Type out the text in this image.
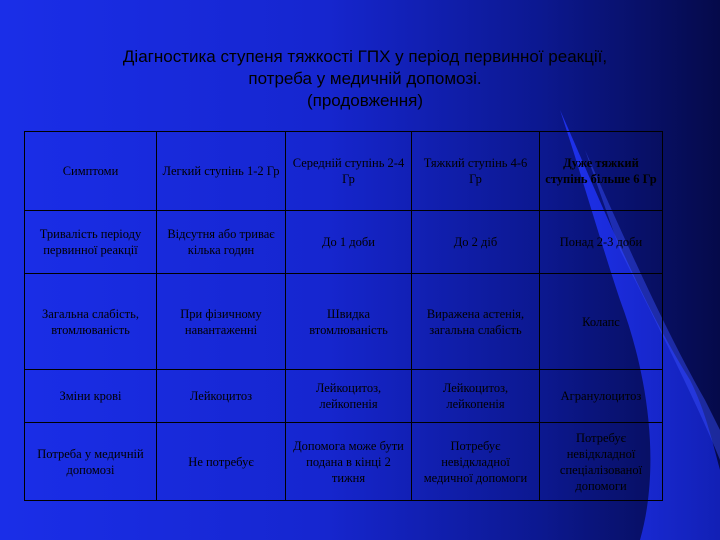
Діагностика ступеня тяжкості ГПХ у період первинної реакції,
потреба у медичній допомозі.
(продовження)
Симптоми	Легкий ступінь 1-2 Гр	Середній ступінь 2-4 Гр	Тяжкий ступінь 4-6 Гр	Дуже тяжкий ступінь більше 6 Гр
Тривалість періоду первинної реакції	Відсутня або триває кілька годин	До 1 доби	До 2 діб	Понад 2-3 доби
Загальна слабість, втомлюваність	При фізичному навантаженні	Швидка втомлюваність	Виражена астенія, загальна слабість	Колапс
Зміни крові	Лейкоцитоз	Лейкоцитоз, лейкопенія	Лейкоцитоз, лейкопенія	Агранулоцитоз
Потреба у медичній допомозі	Не потребує	Допомога може бути подана в кінці 2 тижня	Потребує невідкладної медичної допомоги	Потребує невідкладної спеціалізованої допомоги
